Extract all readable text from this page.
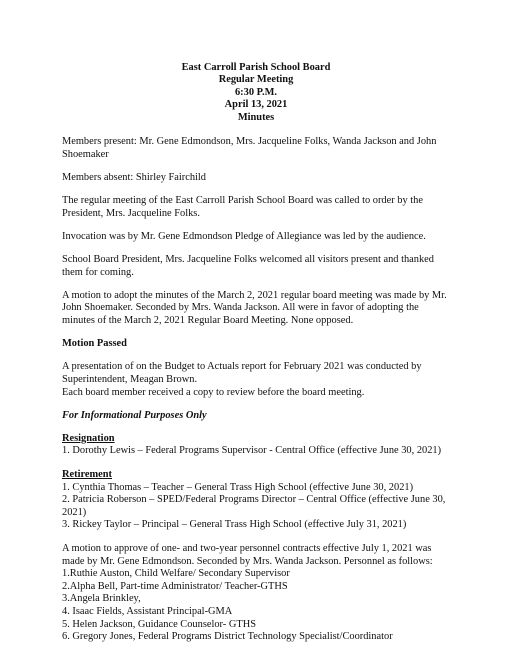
East Carroll Parish School Board
Regular Meeting
6:30 P.M.
April 13, 2021
Minutes

Members present: Mr. Gene Edmondson, Mrs. Jacqueline Folks, Wanda Jackson and John Shoemaker

Members absent: Shirley Fairchild

The regular meeting of the East Carroll Parish School Board was called to order by the President, Mrs. Jacqueline Folks.

Invocation was by Mr. Gene Edmondson Pledge of Allegiance was led by the audience.

School Board President, Mrs. Jacqueline Folks welcomed all visitors present and thanked them for coming.

A motion to adopt the minutes of the March 2, 2021 regular board meeting was made by Mr. John Shoemaker. Seconded by Mrs. Wanda Jackson. All were in favor of adopting the minutes of the March 2, 2021 Regular Board Meeting. None opposed.

Motion Passed

A presentation of on the Budget to Actuals report for February 2021 was conducted by Superintendent, Meagan Brown.
Each board member received a copy to review before the board meeting.

For Informational Purposes Only

Resignation
1. Dorothy Lewis – Federal Programs Supervisor - Central Office (effective June 30, 2021)
Retirement
1. Cynthia Thomas – Teacher – General Trass High School (effective June 30, 2021)
2. Patricia Roberson – SPED/Federal Programs Director – Central Office (effective June 30, 2021)
3. Rickey Taylor – Principal – General Trass High School (effective July 31, 2021)
A motion to approve of one- and two-year personnel contracts effective July 1, 2021 was made by Mr. Gene Edmondson. Seconded by Mrs. Wanda Jackson. Personnel as follows:
1.Ruthie Auston, Child Welfare/ Secondary Supervisor
2.Alpha Bell, Part-time Administrator/ Teacher-GTHS
3.Angela Brinkley,
4. Isaac Fields, Assistant Principal-GMA
5. Helen Jackson, Guidance Counselor- GTHS
6. Gregory Jones, Federal Programs District Technology Specialist/Coordinator
